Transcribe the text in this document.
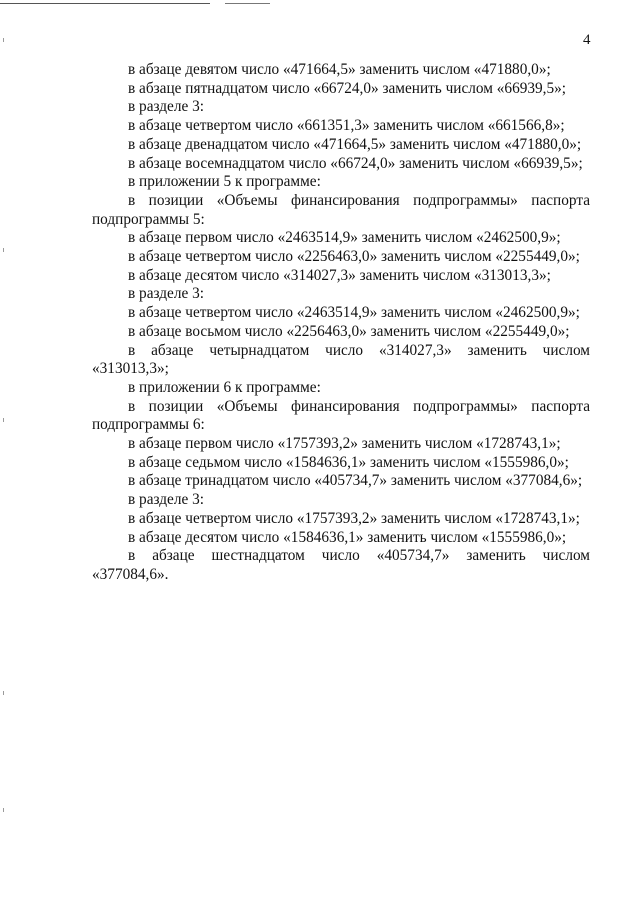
4

в абзаце девятом число «471664,5» заменить числом «471880,0»;

в абзаце пятнадцатом число «66724,0» заменить числом «66939,5»;

в разделе 3:

в абзаце четвертом число «661351,3» заменить числом «661566,8»;

в абзаце двенадцатом число «471664,5» заменить числом «471880,0»;

в абзаце восемнадцатом число «66724,0» заменить числом «66939,5»;

в приложении 5 к программе:

в позиции «Объемы финансирования подпрограммы» паспорта подпрограммы 5:

в абзаце первом число «2463514,9» заменить числом «2462500,9»;

в абзаце четвертом число «2256463,0» заменить числом «2255449,0»;

в абзаце десятом число «314027,3» заменить числом «313013,3»;

в разделе 3:

в абзаце четвертом число «2463514,9» заменить числом «2462500,9»;

в абзаце восьмом число «2256463,0» заменить числом «2255449,0»;

в абзаце четырнадцатом число «314027,3» заменить числом «313013,3»;

в приложении 6 к программе:

в позиции «Объемы финансирования подпрограммы» паспорта подпрограммы 6:

в абзаце первом число «1757393,2» заменить числом «1728743,1»;

в абзаце седьмом число «1584636,1» заменить числом «1555986,0»;

в абзаце тринадцатом число «405734,7» заменить числом «377084,6»;

в разделе 3:

в абзаце четвертом число «1757393,2» заменить числом «1728743,1»;

в абзаце десятом число «1584636,1» заменить числом «1555986,0»;

в абзаце шестнадцатом число «405734,7» заменить числом «377084,6».
